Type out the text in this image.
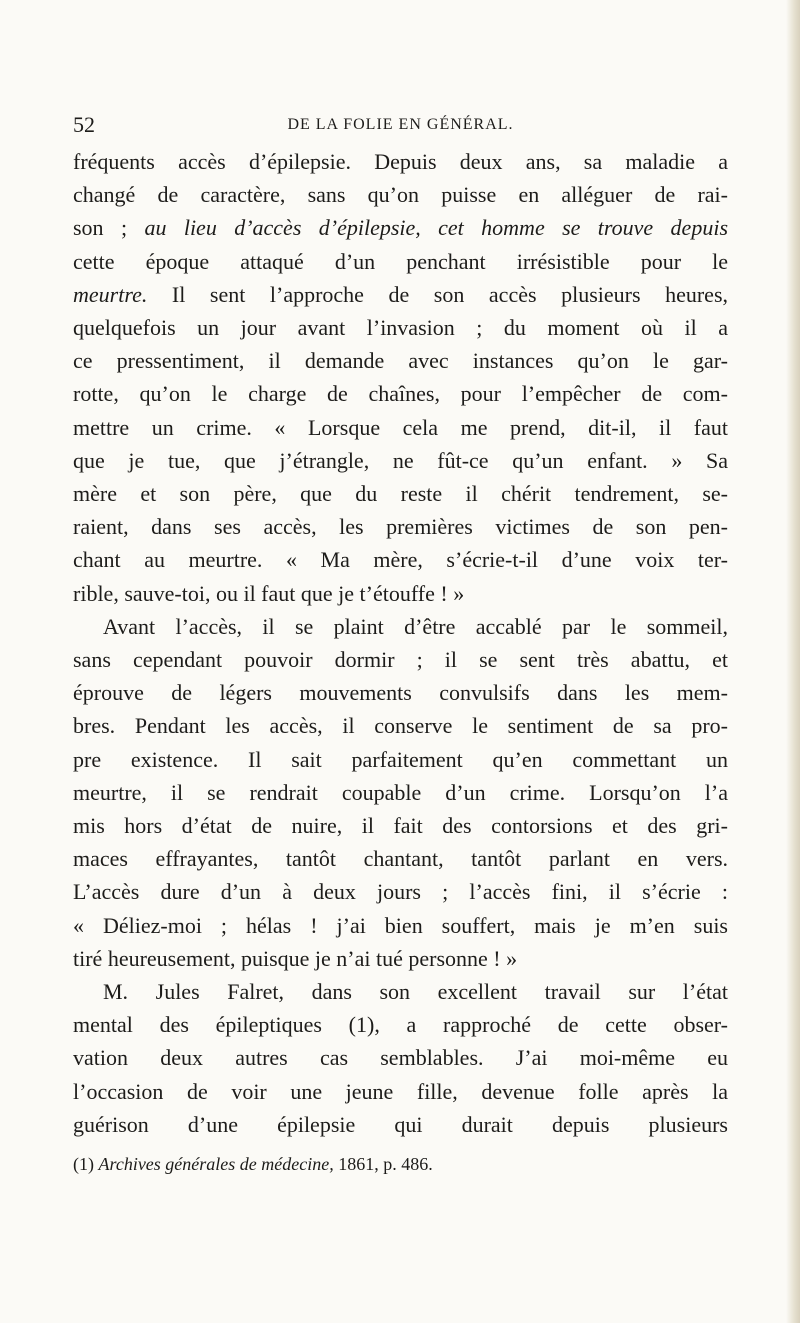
52	DE LA FOLIE EN GÉNÉRAL.
fréquents accès d’épilepsie. Depuis deux ans, sa maladie a
changé de caractère, sans qu’on puisse en alléguer de rai-
son ; au lieu d’accès d’épilepsie, cet homme se trouve depuis
cette époque attaqué d’un penchant irrésistible pour le
meurtre. Il sent l’approche de son accès plusieurs heures,
quelquefois un jour avant l’invasion ; du moment où il a
ce pressentiment, il demande avec instances qu’on le gar-
rotte, qu’on le charge de chaînes, pour l’empêcher de com-
mettre un crime. « Lorsque cela me prend, dit-il, il faut
que je tue, que j’étrangle, ne fût-ce qu’un enfant. » Sa
mère et son père, que du reste il chérit tendrement, se-
raient, dans ses accès, les premières victimes de son pen-
chant au meurtre. « Ma mère, s’écrie-t-il d’une voix ter-
rible, sauve-toi, ou il faut que je t’étouffe ! »
Avant l’accès, il se plaint d’être accablé par le sommeil,
sans cependant pouvoir dormir ; il se sent très abattu, et
éprouve de légers mouvements convulsifs dans les mem-
bres. Pendant les accès, il conserve le sentiment de sa pro-
pre existence. Il sait parfaitement qu’en commettant un
meurtre, il se rendrait coupable d’un crime. Lorsqu’on l’a
mis hors d’état de nuire, il fait des contorsions et des gri-
maces effrayantes, tantôt chantant, tantôt parlant en vers.
L’accès dure d’un à deux jours ; l’accès fini, il s’écrie :
« Déliez-moi ; hélas ! j’ai bien souffert, mais je m’en suis
tiré heureusement, puisque je n’ai tué personne ! »
M. Jules Falret, dans son excellent travail sur l’état
mental des épileptiques (1), a rapproché de cette obser-
vation deux autres cas semblables. J’ai moi-même eu
l’occasion de voir une jeune fille, devenue folle après la
guérison d’une épilepsie qui durait depuis plusieurs
(1) Archives générales de médecine, 1861, p. 486.
